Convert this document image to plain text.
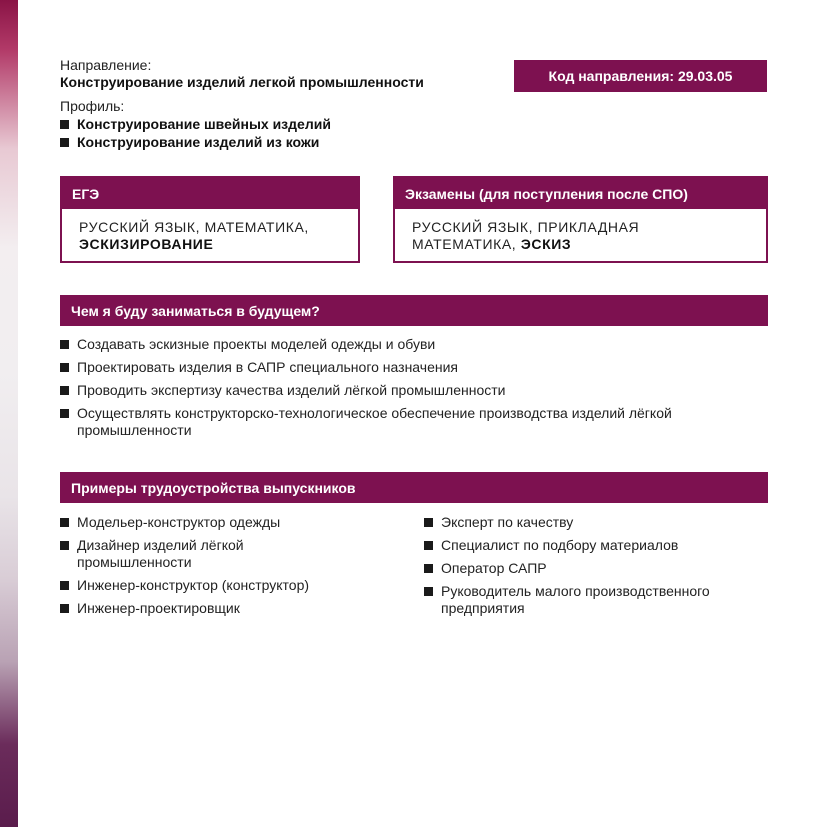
Направление:
Конструирование изделий легкой промышленности	Код направления: 29.03.05
Профиль:
Конструирование швейных изделий
Конструирование изделий из кожи
ЕГЭ
РУССКИЙ ЯЗЫК, МАТЕМАТИКА,
ЭСКИЗИРОВАНИЕ
Экзамены (для поступления после СПО)
РУССКИЙ ЯЗЫК, ПРИКЛАДНАЯ
МАТЕМАТИКА, ЭСКИЗ
Чем я буду заниматься в будущем?
Создавать эскизные проекты моделей одежды и обуви
Проектировать изделия в САПР специального назначения
Проводить экспертизу качества изделий лёгкой промышленности
Осуществлять конструкторско-технологическое обеспечение производства изделий лёгкой промышленности
Примеры трудоустройства выпускников
Модельер-конструктор одежды
Дизайнер изделий лёгкой промышленности
Инженер-конструктор (конструктор)
Инженер-проектировщик
Эксперт по качеству
Специалист по подбору материалов
Оператор САПР
Руководитель малого производственного предприятия
